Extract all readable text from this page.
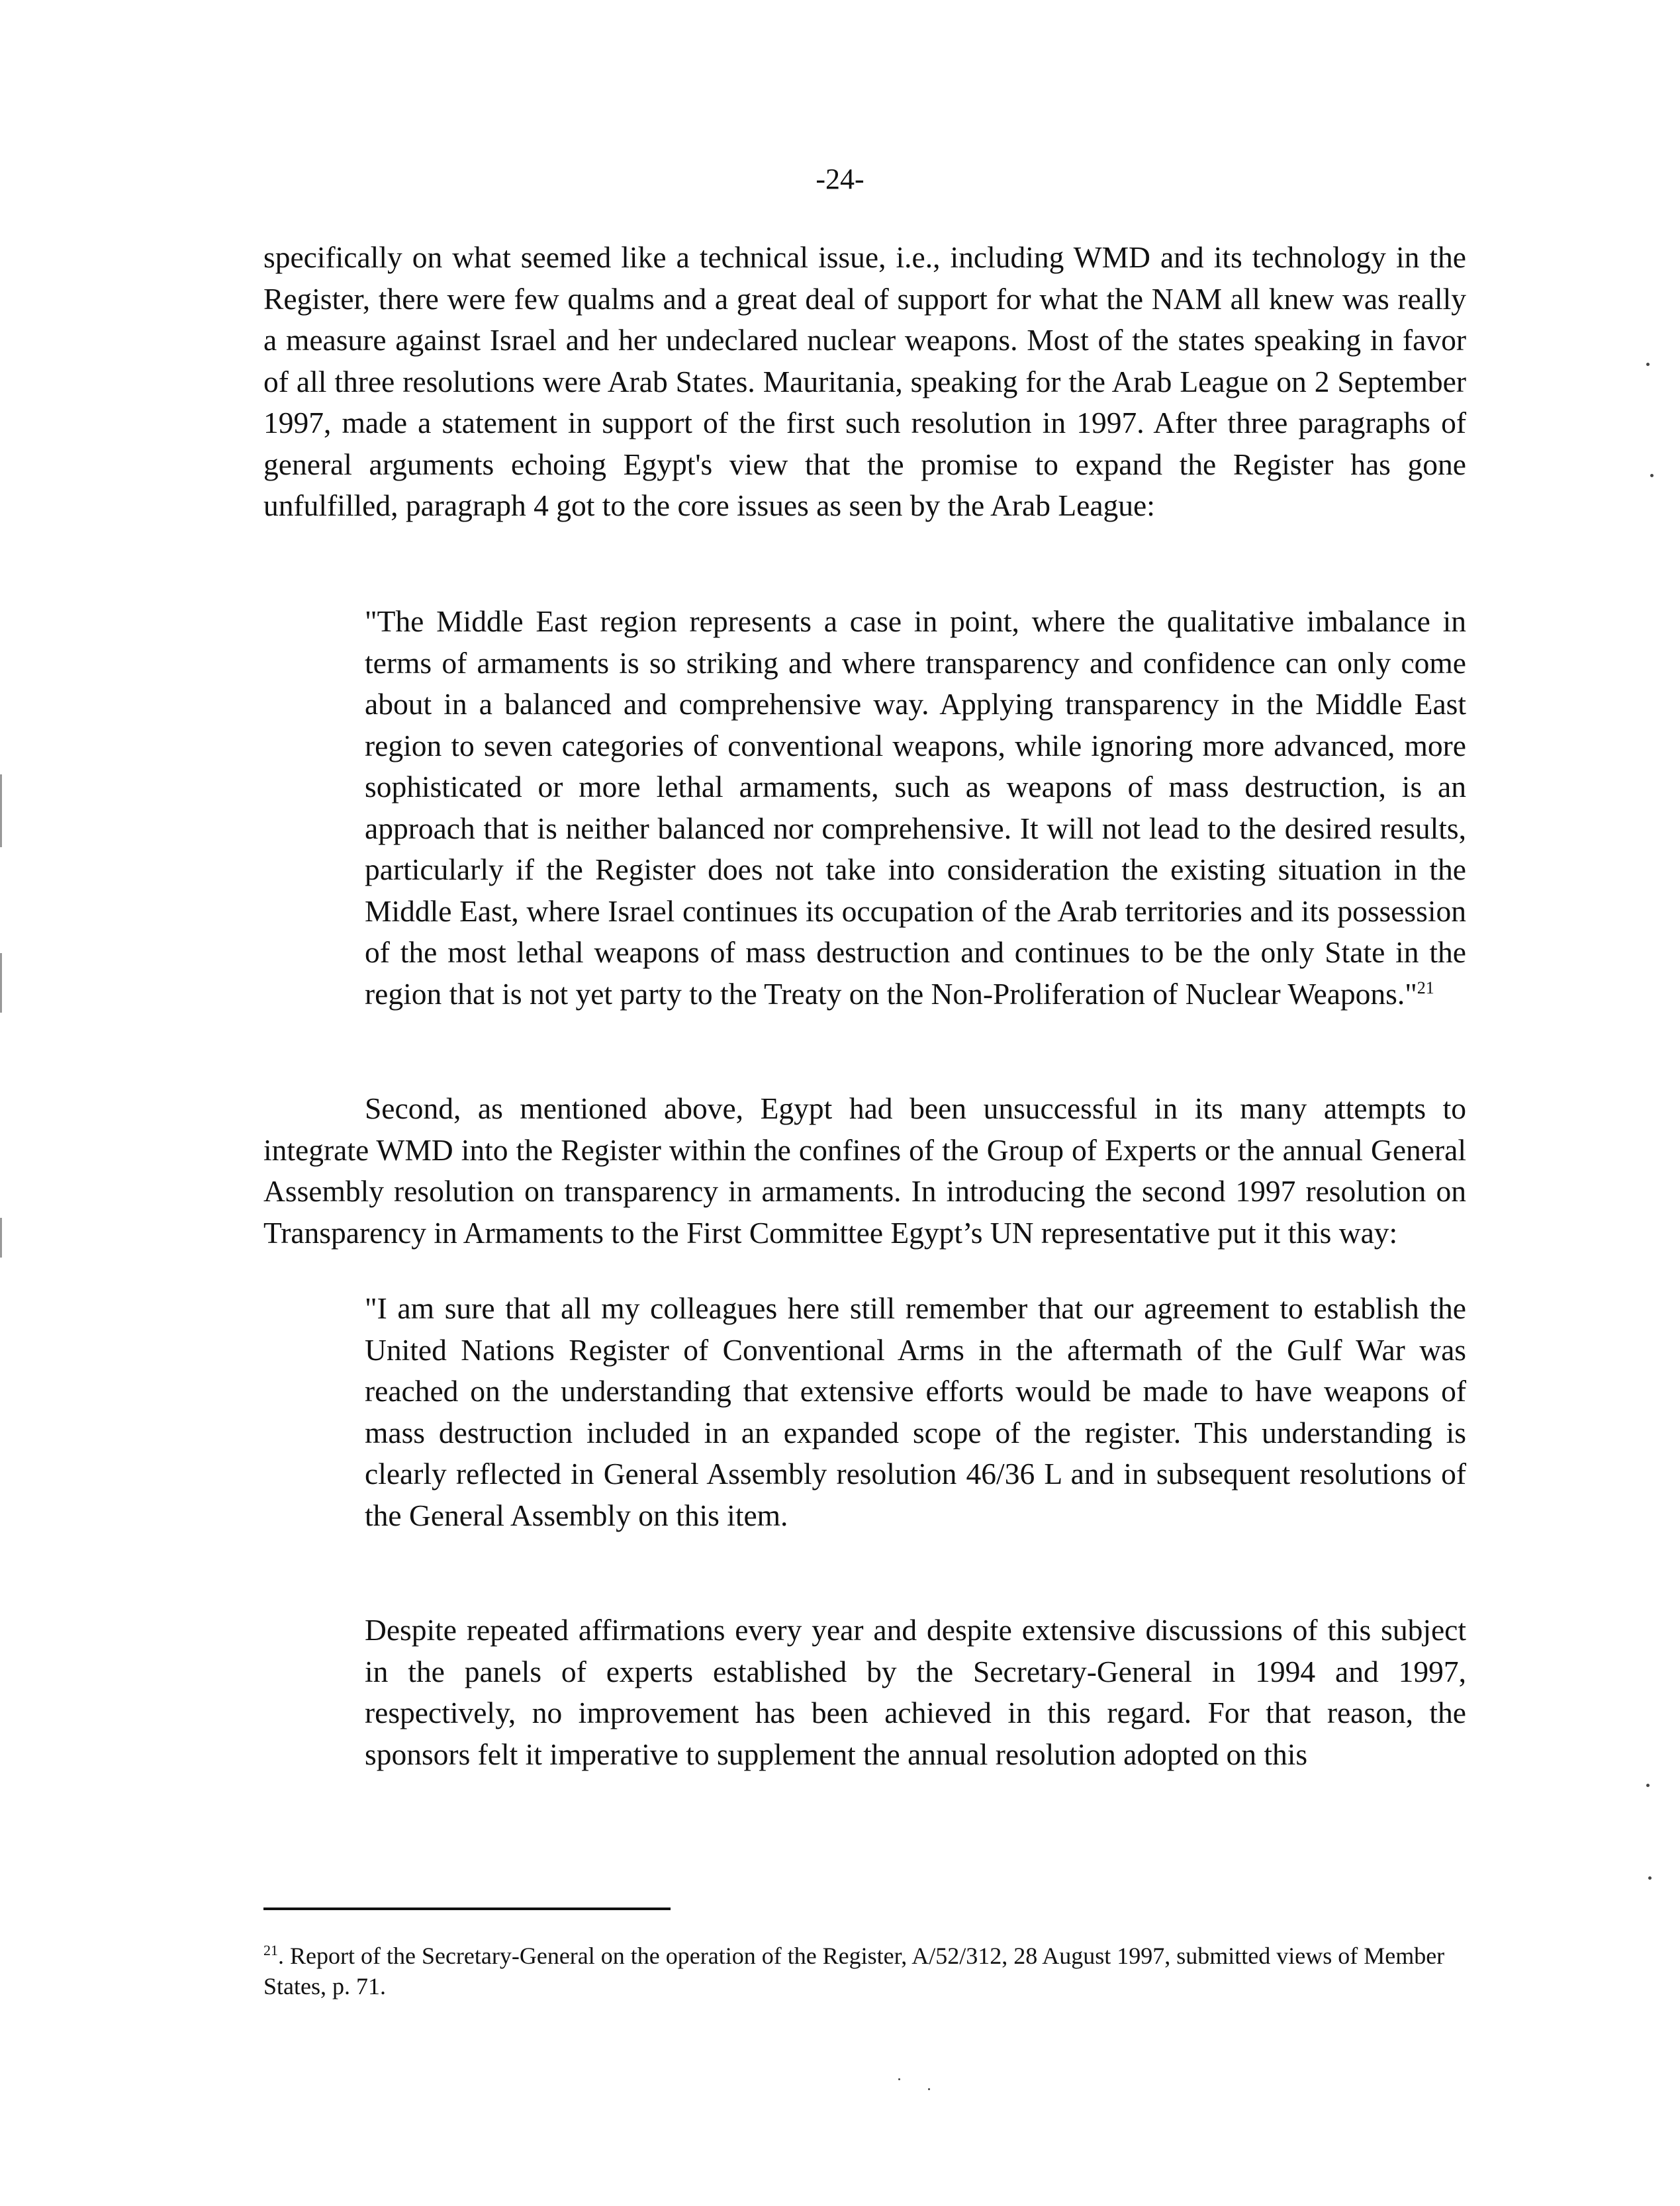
-24-

specifically on what seemed like a technical issue, i.e., including WMD and its technology in the Register, there were few qualms and a great deal of support for what the NAM all knew was really a measure against Israel and her undeclared nuclear weapons. Most of the states speaking in favor of all three resolutions were Arab States. Mauritania, speaking for the Arab League on 2 September 1997, made a statement in support of the first such resolution in 1997. After three paragraphs of general arguments echoing Egypt's view that the promise to expand the Register has gone unfulfilled, paragraph 4 got to the core issues as seen by the Arab League:

"The Middle East region represents a case in point, where the qualitative imbalance in terms of armaments is so striking and where transparency and confidence can only come about in a balanced and comprehensive way. Applying transparency in the Middle East region to seven categories of conventional weapons, while ignoring more advanced, more sophisticated or more lethal armaments, such as weapons of mass destruction, is an approach that is neither balanced nor comprehensive. It will not lead to the desired results, particularly if the Register does not take into consideration the existing situation in the Middle East, where Israel continues its occupation of the Arab territories and its possession of the most lethal weapons of mass destruction and continues to be the only State in the region that is not yet party to the Treaty on the Non-Proliferation of Nuclear Weapons."$^{21}$

Second, as mentioned above, Egypt had been unsuccessful in its many attempts to integrate WMD into the Register within the confines of the Group of Experts or the annual General Assembly resolution on transparency in armaments. In introducing the second 1997 resolution on Transparency in Armaments to the First Committee Egypt’s UN representative put it this way:

"I am sure that all my colleagues here still remember that our agreement to establish the United Nations Register of Conventional Arms in the aftermath of the Gulf War was reached on the understanding that extensive efforts would be made to have weapons of mass destruction included in an expanded scope of the register. This understanding is clearly reflected in General Assembly resolution 46/36 L and in subsequent resolutions of the General Assembly on this item.

Despite repeated affirmations every year and despite extensive discussions of this subject in the panels of experts established by the Secretary-General in 1994 and 1997, respectively, no improvement has been achieved in this regard. For that reason, the sponsors felt it imperative to supplement the annual resolution adopted on this

$^{21}$. Report of the Secretary-General on the operation of the Register, A/52/312, 28 August 1997, submitted views of Member States, p. 71.
